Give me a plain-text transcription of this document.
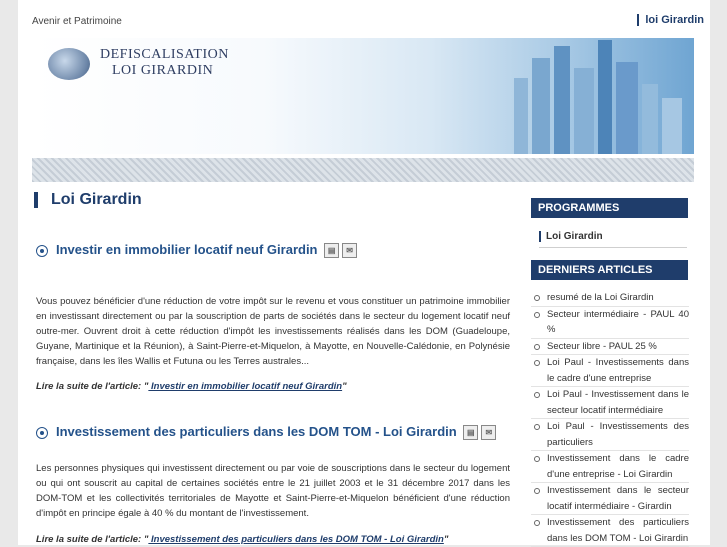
Avenir et Patrimoine	loi Girardin
DEFISCALISATION
LOI GIRARDIN
Loi Girardin
Investir en immobilier locatif neuf Girardin ▤ ✉
Vous pouvez bénéficier d'une réduction de votre impôt sur le revenu et vous constituer un patrimoine immobilier en investissant directement ou par la souscription de parts de sociétés dans le secteur du logement locatif neuf outre-mer. Ouvrent droit à cette réduction d'impôt les investissements réalisés dans les DOM (Guadeloupe, Guyane, Martinique et la Réunion), à Saint-Pierre-et-Miquelon, à Mayotte, en Nouvelle-Calédonie, en Polynésie française, dans les îles Wallis et Futuna ou les Terres australes...
Lire la suite de l'article: " Investir en immobilier locatif neuf Girardin"
Investissement des particuliers dans les DOM TOM - Loi Girardin ▤ ✉
Les personnes physiques qui investissent directement ou par voie de souscriptions dans le secteur du logement ou qui ont souscrit au capital de certaines sociétés entre le 21 juillet 2003 et le 31 décembre 2017 dans les DOM-TOM et les collectivités territoriales de Mayotte et Saint-Pierre-et-Miquelon bénéficient d'une réduction d'impôt en principe égale à 40 % du montant de l'investissement.
Lire la suite de l'article: " Investissement des particuliers dans les DOM TOM - Loi Girardin"
PROGRAMMES
Loi Girardin
DERNIERS ARTICLES
resumé de la Loi Girardin
Secteur intermédiaire - PAUL 40 %
Secteur libre - PAUL 25 %
Loi Paul - Investissements dans le cadre d'une entreprise
Loi Paul - Investissement dans le secteur locatif intermédiaire
Loi Paul - Investissements des particuliers
Investissement dans le cadre d'une entreprise - Loi Girardin
Investissement dans le secteur locatif intermédiaire - Girardin
Investissement des particuliers dans les DOM TOM - Loi Girardin
